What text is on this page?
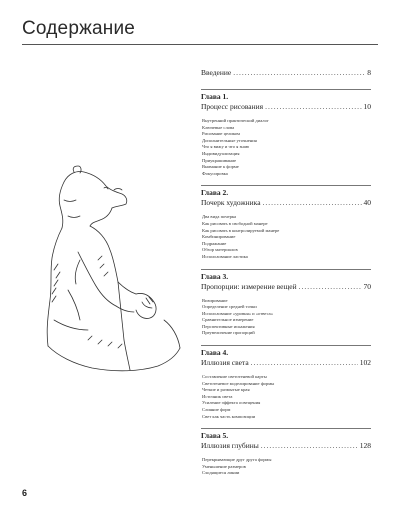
Содержание
Введение .....	8
Глава 1.
Процесс рисования .....	10
Внутренний практический диалог
Ключевые слова
Рисование целиком
Дополнительные уточнения
Что я вижу и что я знаю
Индивидуализация
Приукрашивание
Внимание к форме
Фокусировка
Глава 2.
Почерк художника .....	40
Два вида почерка
Как рисовать в свободной манере
Как рисовать в контролируемой манере
Комбинирование
Подражание
Обзор материалов
Использование ластика
Глава 3.
Пропорции: измерение вещей .....	70
Визирование
Определение средней точки
Использование «уровня» и «отвеса»
Сравнительное измерение
Перспективные искажения
Преувеличение пропорций
Глава 4.
Иллюзия света .....	102
Составление светотеневой карты
Светотеневое моделирование формы
Четкие и размытые края
Источник света
Усиление эффекта освещения
Слияние форм
Свет как часть композиции
Глава 5.
Иллюзия глубины .....	128
Перекрывающие друг друга формы
Уменьшение размеров
Сходящиеся линии
6
